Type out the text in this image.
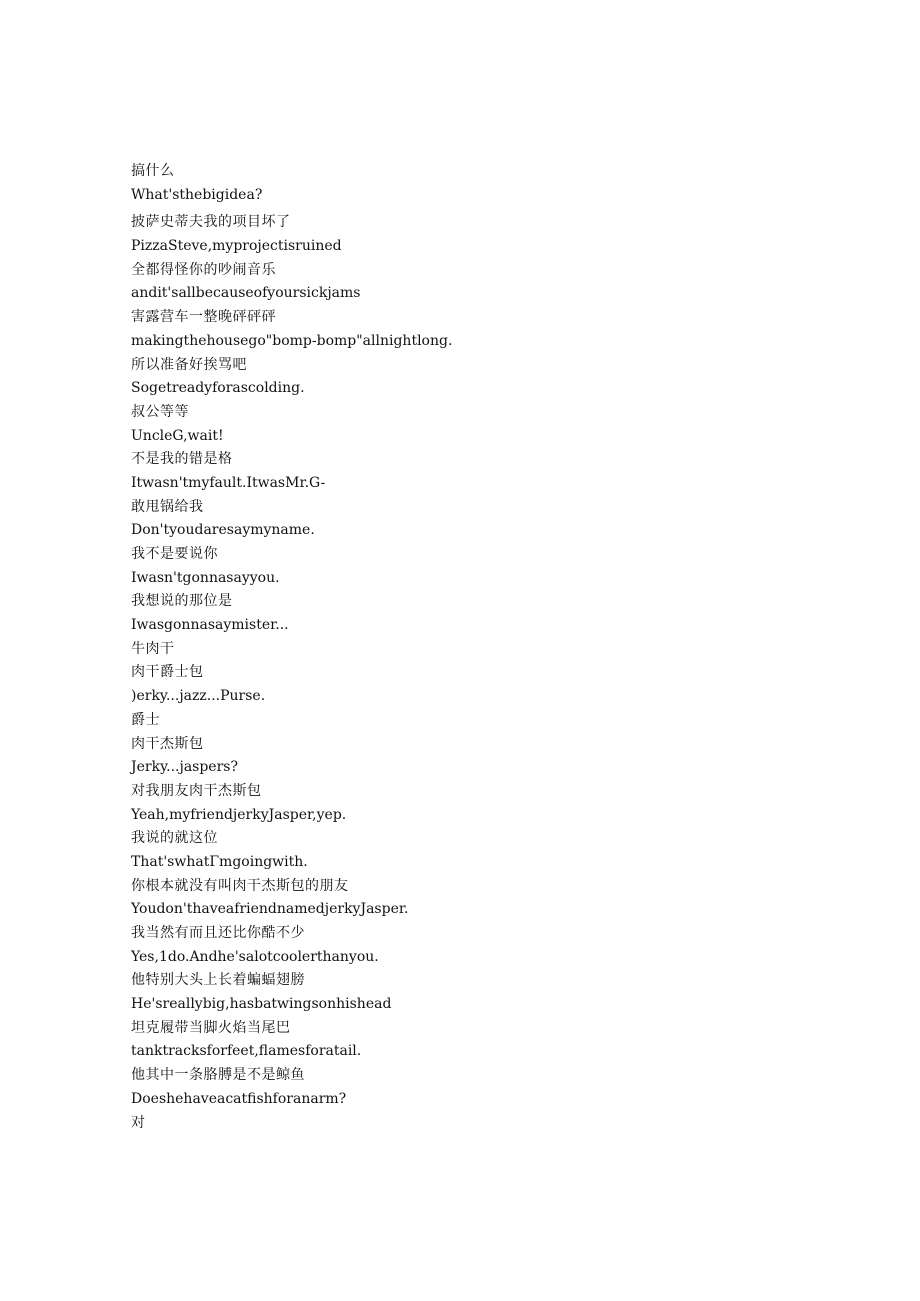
搞什么
What'sthebigidea?
披萨史蒂夫我的项目坏了
PizzaSteve,myprojectisruined
全都得怪你的吵闹音乐
andit'sallbecauseofyoursickjams
害露营车一整晚砰砰砰
makingthehousego"bomp-bomp"allnightlong.
所以准备好挨骂吧
Sogetreadyforascolding.
叔公等等
UncleG,wait!
不是我的错是格
Itwasn'tmyfault.ItwasMr.G-
敢甩锅给我
Don'tyoudaresaymyname.
我不是要说你
Iwasn'tgonnasayyou.
我想说的那位是
Iwasgonnasaymister...
牛肉干
肉干爵士包
)erky...jazz...Purse.
爵士
肉干杰斯包
Jerky...jaspers?
对我朋友肉干杰斯包
Yeah,myfriendjerkyJasper,yep.
我说的就这位
That'swhatΓmgoingwith.
你根本就没有叫肉干杰斯包的朋友
Youdon'thaveafriendnamedjerkyJasper.
我当然有而且还比你酷不少
Yes,1do.Andhe'salotcoolerthanyou.
他特别大头上长着蝙蝠翅膀
He'sreallybig,hasbatwingsonhishead
坦克履带当脚火焰当尾巴
tanktracksforfeet,flamesforatail.
他其中一条胳膊是不是鲸鱼
Doeshehaveacatfishforanarm?
对
